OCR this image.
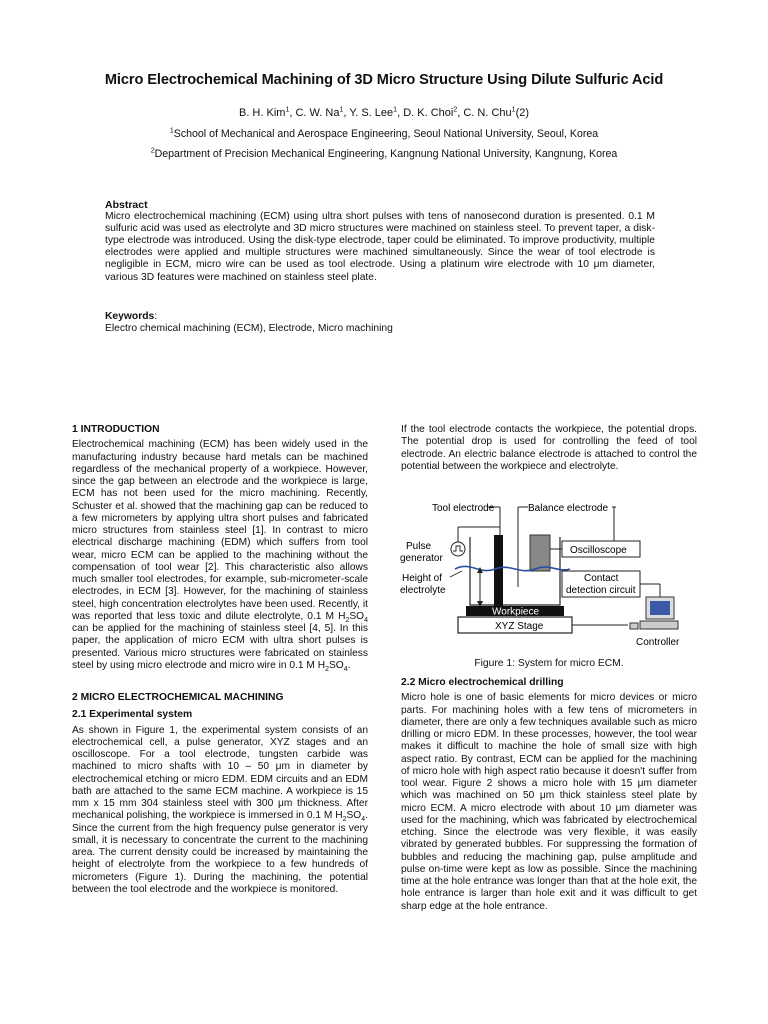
Micro Electrochemical Machining of 3D Micro Structure Using Dilute Sulfuric Acid
B. H. Kim$^1$, C. W. Na$^1$, Y. S. Lee$^1$, D. K. Choi$^2$, C. N. Chu$^1$(2)
$^1$School of Mechanical and Aerospace Engineering, Seoul National University, Seoul, Korea
$^2$Department of Precision Mechanical Engineering, Kangnung National University, Kangnung, Korea
Abstract

Micro electrochemical machining (ECM) using ultra short pulses with tens of nanosecond duration is presented. 0.1 M sulfuric acid was used as electrolyte and 3D micro structures were machined on stainless steel. To prevent taper, a disk-type electrode was introduced. Using the disk-type electrode, taper could be eliminated. To improve productivity, multiple electrodes were applied and multiple structures were machined simultaneously. Since the wear of tool electrode is negligible in ECM, micro wire can be used as tool electrode. Using a platinum wire electrode with 10 μm diameter, various 3D features were machined on stainless steel plate.

Keywords:
Electro chemical machining (ECM), Electrode, Micro machining
1 INTRODUCTION

Electrochemical machining (ECM) has been widely used in the manufacturing industry because hard metals can be machined regardless of the mechanical property of a workpiece. However, since the gap between an electrode and the workpiece is large, ECM has not been used for the micro machining. Recently, Schuster et al. showed that the machining gap can be reduced to a few micrometers by applying ultra short pulses and fabricated micro structures from stainless steel [1]. In contrast to micro electrical discharge machining (EDM) which suffers from tool wear, micro ECM can be applied to the machining without the compensation of tool wear [2]. This characteristic also allows much smaller tool electrodes, for example, sub-micrometer-scale electrodes, in ECM [3]. However, for the machining of stainless steel, high concentration electrolytes have been used. Recently, it was reported that less toxic and dilute electrolyte, 0.1 M $H_2SO_4$ can be applied for the machining of stainless steel [4, 5]. In this paper, the application of micro ECM with ultra short pulses is presented. Various micro structures were fabricated on stainless steel by using micro electrode and micro wire in 0.1 M $H_2SO_4$.

2 MICRO ELECTROCHEMICAL MACHINING
2.1 Experimental system

As shown in Figure 1, the experimental system consists of an electrochemical cell, a pulse generator, XYZ stages and an oscilloscope. For a tool electrode, tungsten carbide was machined to micro shafts with 10 – 50 μm in diameter by electrochemical etching or micro EDM. EDM circuits and an EDM bath are attached to the same ECM machine. A workpiece is 15 mm x 15 mm 304 stainless steel with 300 μm thickness. After mechanical polishing, the workpiece is immersed in 0.1 M $H_2SO_4$. Since the current from the high frequency pulse generator is very small, it is necessary to concentrate the current to the machining area. The current density could be increased by maintaining the height of electrolyte from the workpiece to a few hundreds of micrometers (Figure 1). During the machining, the potential between the tool electrode and the workpiece is monitored.

If the tool electrode contacts the workpiece, the potential drops. The potential drop is used for controlling the feed of tool electrode. An electric balance electrode is attached to control the potential between the workpiece and electrolyte.

Tool electrode	Balance electrode
Pulse
generator
Height of
electrolyte
Oscilloscope
Contact
detection circuit
Workpiece
XYZ Stage
Controller
Figure 1: System for micro ECM.
2.2 Micro electrochemical drilling

Micro hole is one of basic elements for micro devices or micro parts. For machining holes with a few tens of micrometers in diameter, there are only a few techniques available such as micro drilling or micro EDM. In these processes, however, the tool wear makes it difficult to machine the hole of small size with high aspect ratio. By contrast, ECM can be applied for the machining of micro hole with high aspect ratio because it doesn't suffer from tool wear. Figure 2 shows a micro hole with 15 μm diameter which was machined on 50 μm thick stainless steel plate by micro ECM. A micro electrode with about 10 μm diameter was used for the machining, which was fabricated by electrochemical etching. Since the electrode was very flexible, it was easily vibrated by generated bubbles. For suppressing the formation of bubbles and reducing the machining gap, pulse amplitude and pulse on-time were kept as low as possible. Since the machining time at the hole entrance was longer than that at the hole exit, the hole entrance is larger than hole exit and it was difficult to get sharp edge at the hole entrance.
